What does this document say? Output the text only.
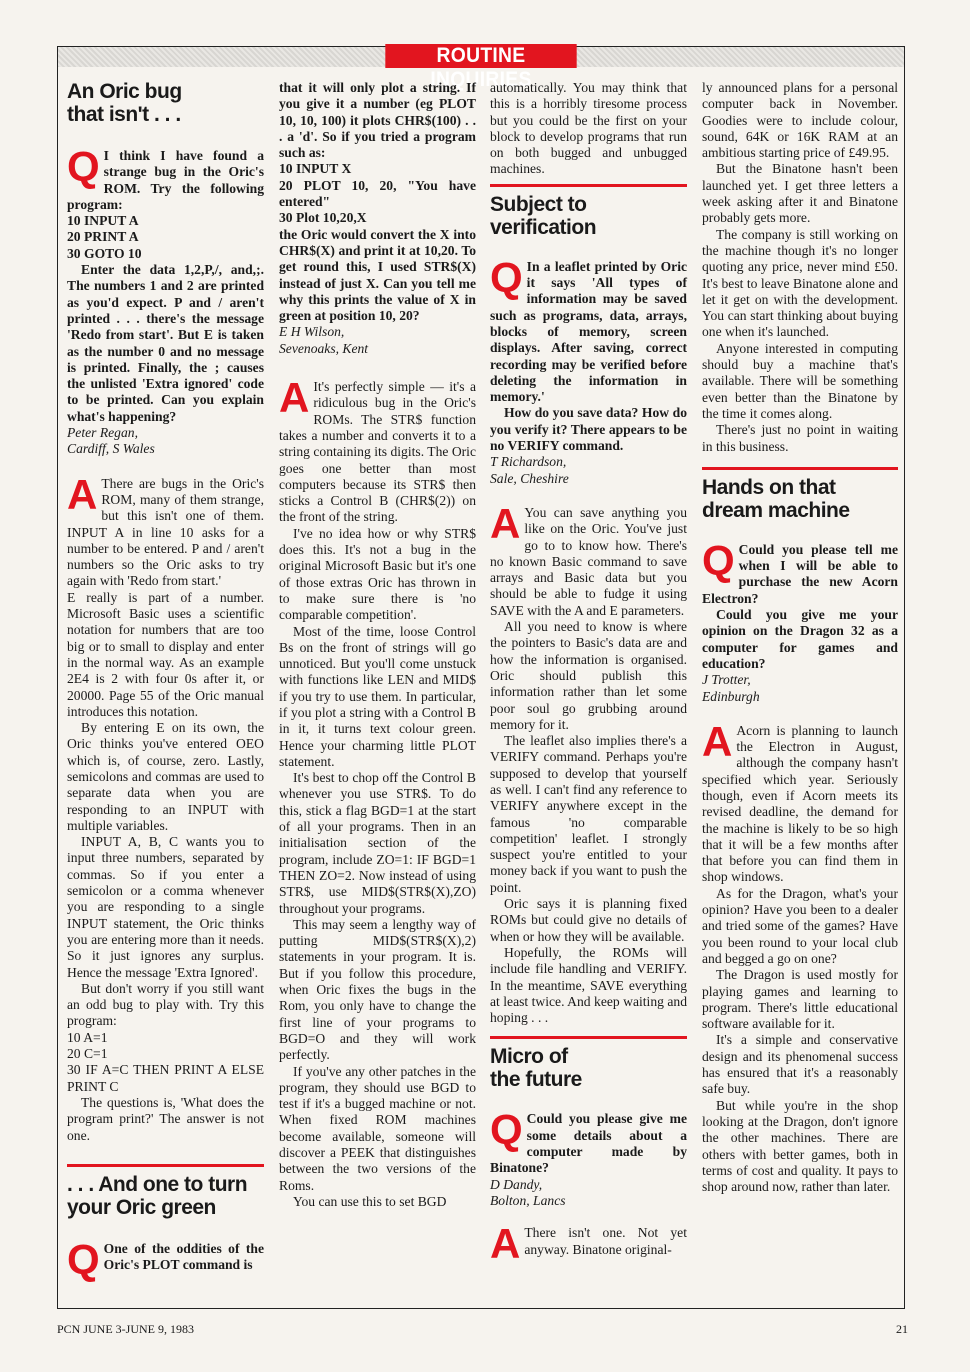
ROUTINE INQUIRIES
An Oric bug that isn't . . .
Q I think I have found a strange bug in the Oric's ROM. Try the following program:

10 INPUT A

20 PRINT A

30 GOTO 10

Enter the data 1,2,P,/, and,;. The numbers 1 and 2 are printed as you'd expect. P and / aren't printed . . . there's the message 'Redo from start'. But E is taken as the number 0 and no message is printed. Finally, the ; causes the unlisted 'Extra ignored' code to be printed. Can you explain what's happening?

Peter Regan,

Cardiff, S Wales

A There are bugs in the Oric's ROM, many of them strange, but this isn't one of them. INPUT A in line 10 asks for a number to be entered. P and / aren't numbers so the Oric asks to try again with 'Redo from start.'

E really is part of a number. Microsoft Basic uses a scientific notation for numbers that are too big or to small to display and enter in the normal way. As an example 2E4 is 2 with four 0s after it, or 20000. Page 55 of the Oric manual introduces this notation.

By entering E on its own, the Oric thinks you've entered OEO which is, of course, zero. Lastly, semicolons and commas are used to separate data when you are responding to an INPUT with multiple variables.

INPUT A, B, C wants you to input three numbers, separated by commas. So if you enter a semicolon or a comma whenever you are responding to a single INPUT statement, the Oric thinks you are entering more than it needs. So it just ignores any surplus. Hence the message 'Extra Ignored'.

But don't worry if you still want an odd bug to play with. Try this program:

10 A=1

20 C=1

30 IF A=C THEN PRINT A ELSE PRINT C

The questions is, 'What does the program print?' The answer is not one.

. . . And one to turn your Oric green
Q One of the oddities of the Oric's PLOT command is

that it will only plot a string. If you give it a number (eg PLOT 10, 10, 100) it plots CHR$(100) . . . a 'd'. So if you tried a program such as:

10 INPUT X

20 PLOT 10, 20, "You have entered"

30 Plot 10,20,X

the Oric would convert the X into CHR$(X) and print it at 10,20. To get round this, I used STR$(X) instead of just X. Can you tell me why this prints the value of X in green at position 10, 20?

E H Wilson,

Sevenoaks, Kent

A It's perfectly simple — it's a ridiculous bug in the Oric's ROMs. The STR$ function takes a number and converts it to a string containing its digits. The Oric goes one better than most computers because its STR$ then sticks a Control B (CHR$(2)) on the front of the string.

I've no idea how or why STR$ does this. It's not a bug in the original Microsoft Basic but it's one of those extras Oric has thrown in to make sure there is 'no comparable competition'.

Most of the time, loose Control Bs on the front of strings will go unnoticed. But you'll come unstuck with functions like LEN and MID$ if you try to use them. In particular, if you plot a string with a Control B in it, it turns text colour green. Hence your charming little PLOT statement.

It's best to chop off the Control B whenever you use STR$. To do this, stick a flag BGD=1 at the start of all your programs. Then in an initialisation section of the program, include ZO=1: IF BGD=1 THEN ZO=2. Now instead of using STR$, use MID$(STR$(X),ZO) throughout your programs.

This may seem a lengthy way of putting MID$(STR$(X),2) statements in your program. It is. But if you follow this procedure, when Oric fixes the bugs in the Rom, you only have to change the first line of your programs to BGD=O and they will work perfectly.

If you've any other patches in the program, they should use BGD to test if it's a bugged machine or not. When fixed ROM machines become available, someone will discover a PEEK that distinguishes between the two versions of the Roms.

You can use this to set BGD

automatically. You may think that this is a horribly tiresome process but you could be the first on your block to develop programs that run on both bugged and unbugged machines.

Subject to verification
Q In a leaflet printed by Oric it says 'All types of information may be saved such as programs, data, arrays, blocks of memory, screen displays. After saving, correct recording may be verified before deleting the information in memory.'

How do you save data? How do you verify it? There appears to be no VERIFY command.

T Richardson,

Sale, Cheshire

A You can save anything you like on the Oric. You've just go to to know how. There's no known Basic command to save arrays and Basic data but you should be able to fudge it using SAVE with the A and E parameters.

All you need to know is where the pointers to Basic's data are and how the information is organised. Oric should publish this information rather than let some poor soul go grubbing around memory for it.

The leaflet also implies there's a VERIFY command. Perhaps you're supposed to develop that yourself as well. I can't find any reference to VERIFY anywhere except in the famous 'no comparable competition' leaflet. I strongly suspect you're entitled to your money back if you want to push the point.

Oric says it is planning fixed ROMs but could give no details of when or how they will be available.

Hopefully, the ROMs will include file handling and VERIFY. In the meantime, SAVE everything at least twice. And keep waiting and hoping . . .

Micro of the future
Q Could you please give me some details about a computer made by Binatone?

D Dandy,

Bolton, Lancs

A There isn't one. Not yet anyway. Binatone original-

ly announced plans for a personal computer back in November. Goodies were to include colour, sound, 64K or 16K RAM at an ambitious starting price of £49.95.

But the Binatone hasn't been launched yet. I get three letters a week asking after it and Binatone probably gets more.

The company is still working on the machine though it's no longer quoting any price, never mind £50. It's best to leave Binatone alone and let it get on with the development. You can start thinking about buying one when it's launched.

Anyone interested in computing should buy a machine that's available. There will be something even better than the Binatone by the time it comes along.

There's just no point in waiting in this business.

Hands on that dream machine
Q Could you please tell me when I will be able to purchase the new Acorn Electron?

Could you give me your opinion on the Dragon 32 as a computer for games and education?

J Trotter,

Edinburgh

A Acorn is planning to launch the Electron in August, although the company hasn't specified which year. Seriously though, even if Acorn meets its revised deadline, the demand for the machine is likely to be so high that it will be a few months after that before you can find them in shop windows.

As for the Dragon, what's your opinion? Have you been to a dealer and tried some of the games? Have you been round to your local club and begged a go on one?

The Dragon is used mostly for playing games and learning to program. There's little educational software available for it.

It's a simple and conservative design and its phenomenal success has ensured that it's a reasonably safe buy.

But while you're in the shop looking at the Dragon, don't ignore the other machines. There are others with better games, both in terms of cost and quality. It pays to shop around now, rather than later.

PCN JUNE 3-JUNE 9, 1983	21
